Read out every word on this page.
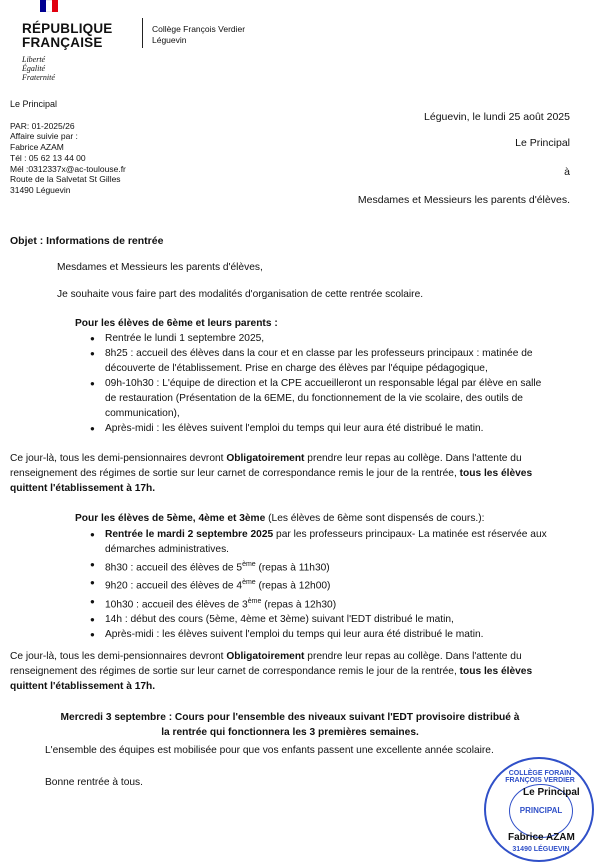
RÉPUBLIQUE
FRANÇAISE
Liberté
Égalité
Fraternité
Collège François Verdier
Léguevin
Le Principal
PAR: 01-2025/26
Affaire suivie par :
Fabrice AZAM
Tél : 05 62 13 44 00
Mél :0312337x@ac-toulouse.fr
Route de la Salvetat St Gilles
31490 Léguevin
Léguevin, le lundi 25 août 2025
Le Principal
à
Mesdames et Messieurs les parents d'élèves.
Objet : Informations de rentrée
Mesdames et Messieurs les parents d'élèves,
Je souhaite vous faire part des modalités d'organisation de cette rentrée scolaire.
Pour les élèves de 6ème et leurs parents :
● Rentrée le lundi 1 septembre 2025,
● 8h25 : accueil des élèves dans la cour et en classe par les professeurs principaux : matinée de découverte de l'établissement. Prise en charge des élèves par l'équipe pédagogique,
● 09h-10h30 : L'équipe de direction et la CPE accueilleront un responsable légal par élève en salle de restauration (Présentation de la 6EME, du fonctionnement de la vie scolaire, des outils de communication),
● Après-midi : les élèves suivent l'emploi du temps qui leur aura été distribué le matin.
Ce jour-là, tous les demi-pensionnaires devront Obligatoirement prendre leur repas au collège. Dans l'attente du renseignement des régimes de sortie sur leur carnet de correspondance remis le jour de la rentrée, tous les élèves quittent l'établissement à 17h.
Pour les élèves de 5ème, 4ème et 3ème (Les élèves de 6ème sont dispensés de cours.):
● Rentrée le mardi 2 septembre 2025 par les professeurs principaux- La matinée est réservée aux démarches administratives.
● 8h30 : accueil des élèves de 5ème (repas à 11h30)
● 9h20 : accueil des élèves de 4ème (repas à 12h00)
● 10h30 : accueil des élèves de 3ème (repas à 12h30)
● 14h : début des cours (5ème, 4ème et 3ème) suivant l'EDT distribué le matin,
● Après-midi : les élèves suivent l'emploi du temps qui leur aura été distribué le matin.
Ce jour-là, tous les demi-pensionnaires devront Obligatoirement prendre leur repas au collège. Dans l'attente du renseignement des régimes de sortie sur leur carnet de correspondance remis le jour de la rentrée, tous les élèves quittent l'établissement à 17h.
Mercredi 3 septembre : Cours pour l'ensemble des niveaux suivant l'EDT provisoire distribué à la rentrée qui fonctionnera les 3 premières semaines.
L'ensemble des équipes est mobilisée pour que vos enfants passent une excellente année scolaire.
Bonne rentrée à tous.
COLLÈGE FORAIN FRANÇOIS VERDIER
PRINCIPAL
31490 LÉGUEVIN
Le Principal
Fabrice AZAM
